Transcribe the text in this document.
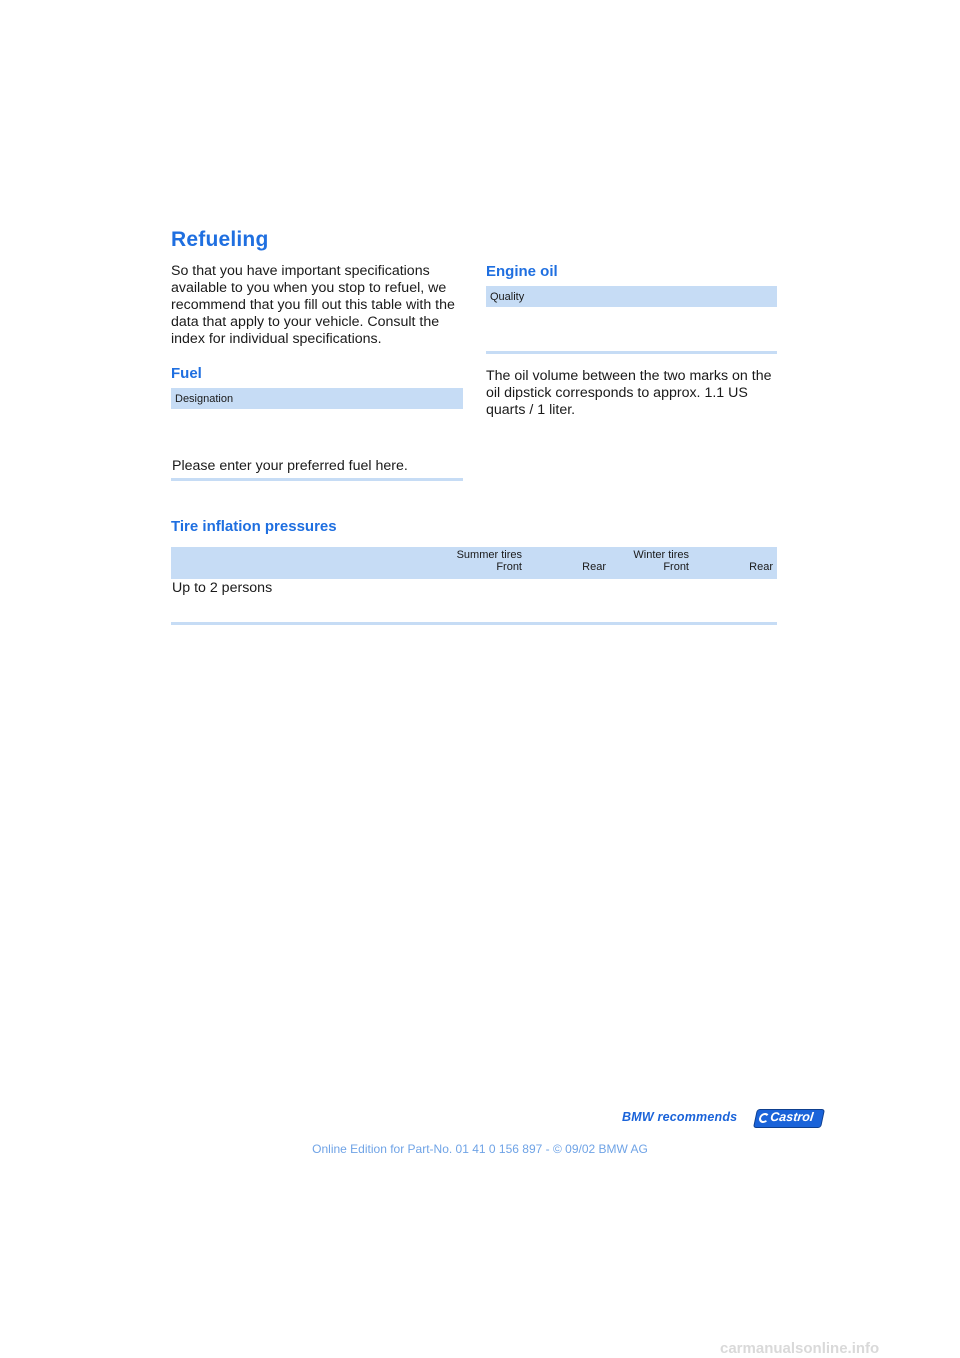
Refueling
So that you have important specifications available to you when you stop to refuel, we recommend that you fill out this table with the data that apply to your vehicle. Consult the index for individual specifications.
Fuel
Designation
Please enter your preferred fuel here.
Engine oil
Quality
The oil volume between the two marks on the oil dipstick corresponds to approx. 1.1 US quarts / 1 liter.
Tire inflation pressures
Summer tires	Winter tires
Front	Rear	Front	Rear
Up to 2 persons
BMW recommends	Castrol
Online Edition for Part-No. 01 41 0 156 897 - © 09/02 BMW AG
carmanualsonline.info
